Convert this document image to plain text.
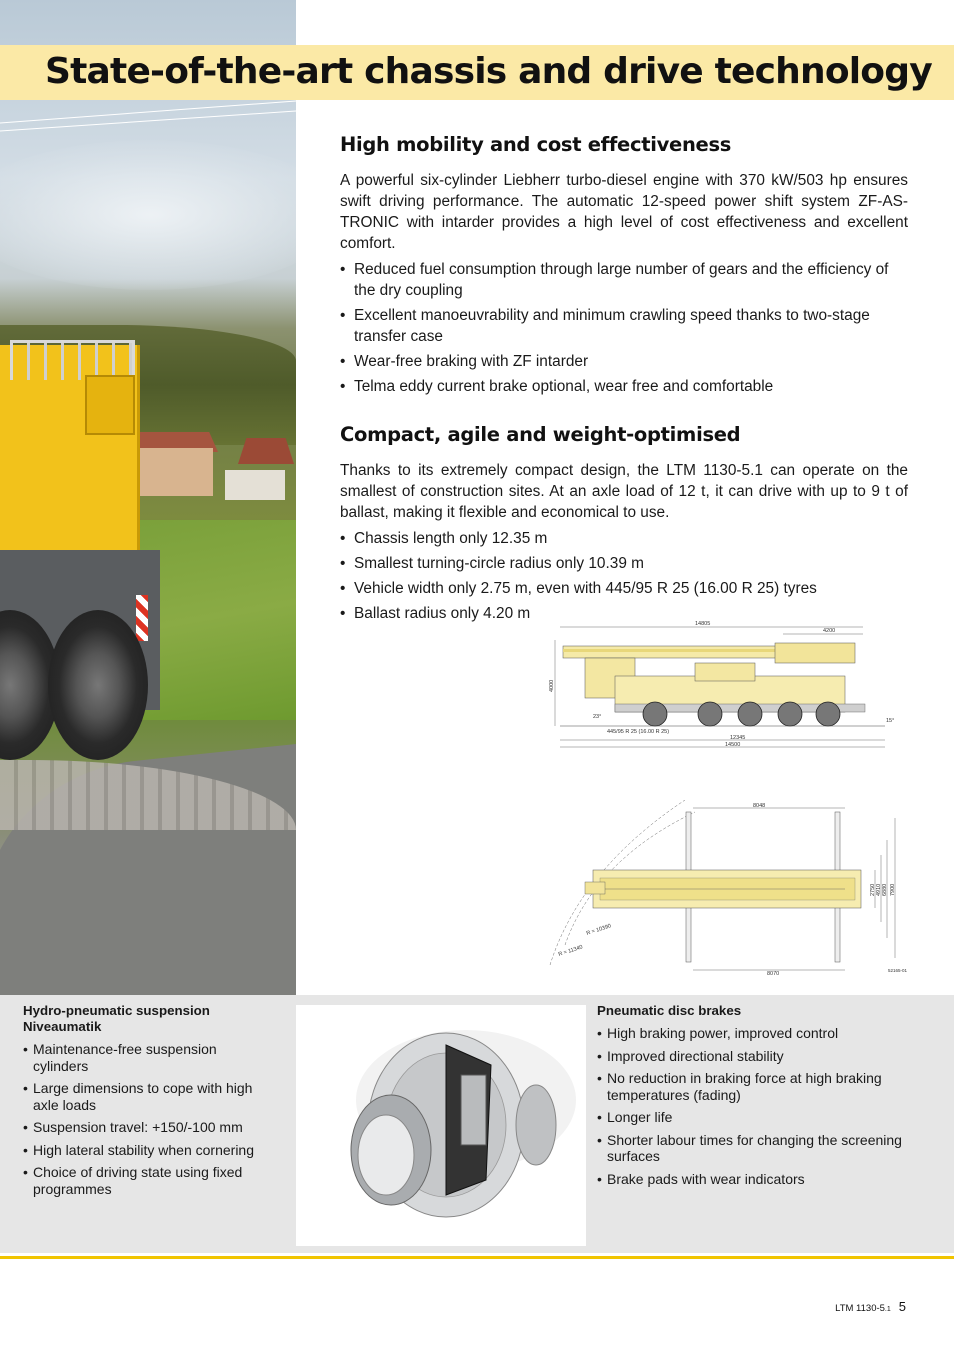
State-of-the-art chassis and drive technology
High mobility and cost effectiveness

A powerful six-cylinder Liebherr turbo-diesel engine with 370 kW/503 hp ensures swift driving performance. The automatic 12-speed power shift system ZF-AS-TRONIC with intarder provides a high level of cost effectiveness and excellent comfort.

• Reduced fuel consumption through large number of gears and the efficiency of the dry coupling
• Excellent manoeuvrability and minimum crawling speed thanks to two-stage transfer case
• Wear-free braking with ZF intarder
• Telma eddy current brake optional, wear free and comfortable
Compact, agile and weight-optimised

Thanks to its extremely compact design, the LTM 1130-5.1 can operate on the smallest of construction sites. At an axle load of 12 t, it can drive with up to 9 t of ballast, making it flexible and economical to use.

• Chassis length only 12.35 m
• Smallest turning-circle radius only 10.39 m
• Vehicle width only 2.75 m, even with 445/95 R 25 (16.00 R 25) tyres
• Ballast radius only 4.20 m
14805
4200
4000
23°
15°
445/95 R 25 (16.00 R 25)
12345
14500
R = 10390
R = 11340
8048
2750 4910 6880 7900
8070
52165-01
Hydro-pneumatic suspension Niveaumatik
• Maintenance-free suspension cylinders
• Large dimensions to cope with high axle loads
• Suspension travel: +150/-100 mm
• High lateral stability when cornering
• Choice of driving state using fixed programmes
Pneumatic disc brakes
• High braking power, improved control
• Improved directional stability
• No reduction in braking force at high braking temperatures (fading)
• Longer life
• Shorter labour times for changing the screening surfaces
• Brake pads with wear indicators
LTM 1130-5.1 5
